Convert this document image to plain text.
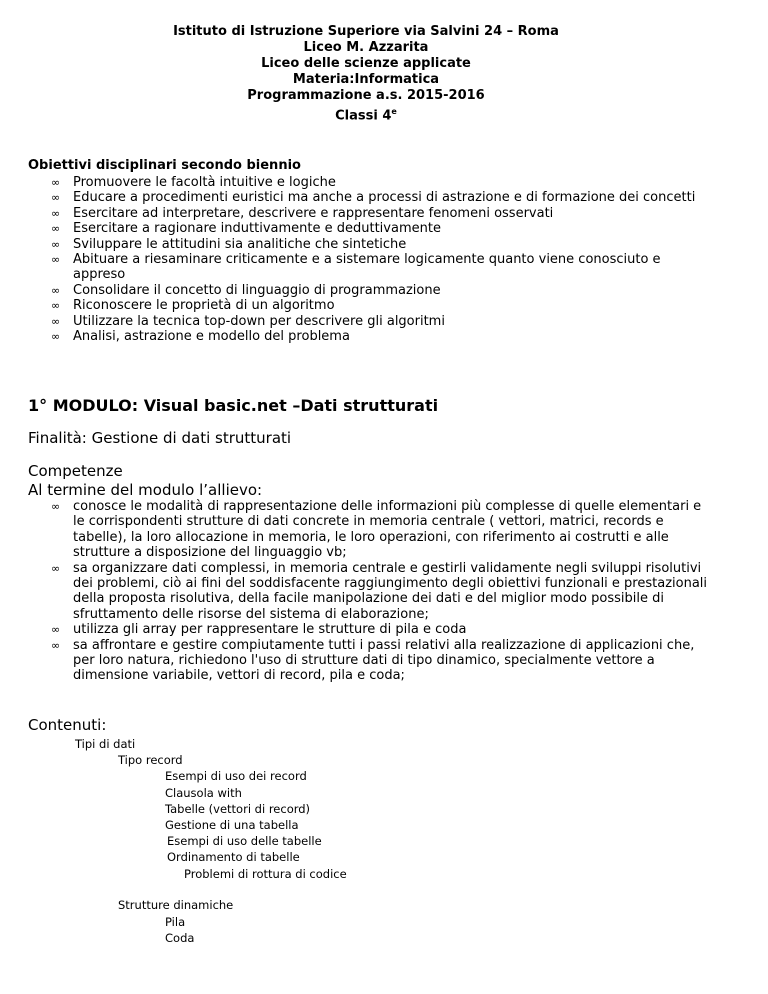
Istituto di Istruzione Superiore via Salvini 24 – Roma
Liceo M. Azzarita
Liceo delle scienze applicate
Materia:Informatica
Programmazione a.s. 2015-2016
Classi 4e
Obiettivi disciplinari secondo biennio
∞ Promuovere le facoltà intuitive e logiche
∞ Educare a procedimenti euristici ma anche a processi di astrazione e di formazione dei concetti
∞ Esercitare ad interpretare, descrivere e rappresentare fenomeni osservati
∞ Esercitare a ragionare induttivamente e deduttivamente
∞ Sviluppare le attitudini sia analitiche che sintetiche
∞ Abituare a riesaminare criticamente e a sistemare logicamente quanto viene conosciuto e appreso
∞ Consolidare il concetto di linguaggio di programmazione
∞ Riconoscere le proprietà di un algoritmo
∞ Utilizzare la tecnica top-down per descrivere gli algoritmi
∞ Analisi, astrazione e modello del problema
1° MODULO: Visual basic.net –Dati strutturati
Finalità: Gestione di dati strutturati
Competenze
Al termine del modulo l’allievo:
∞ conosce le modalità di rappresentazione delle informazioni più complesse di quelle elementari e le corrispondenti strutture di dati concrete in memoria centrale ( vettori, matrici, records e tabelle), la loro allocazione in memoria, le loro operazioni, con riferimento ai costrutti e alle strutture a disposizione del linguaggio vb;
∞ sa organizzare dati complessi, in memoria centrale e gestirli validamente negli sviluppi risolutivi dei problemi, ciò ai fini del soddisfacente raggiungimento degli obiettivi funzionali e prestazionali della proposta risolutiva, della facile manipolazione dei dati e del miglior modo possibile di sfruttamento delle risorse del sistema di elaborazione;
∞ utilizza gli array per rappresentare le strutture di pila e coda
∞ sa affrontare e gestire compiutamente tutti i passi relativi alla realizzazione di applicazioni che, per loro natura, richiedono l'uso di strutture dati di tipo dinamico, specialmente vettore a dimensione variabile, vettori di record, pila e coda;
Contenuti:
Tipi di dati
Tipo record
Esempi di uso dei record
Clausola with
Tabelle (vettori di record)
Gestione di una tabella
Esempi di uso delle tabelle
Ordinamento di tabelle
Problemi di rottura di codice
Strutture dinamiche
Pila
Coda
